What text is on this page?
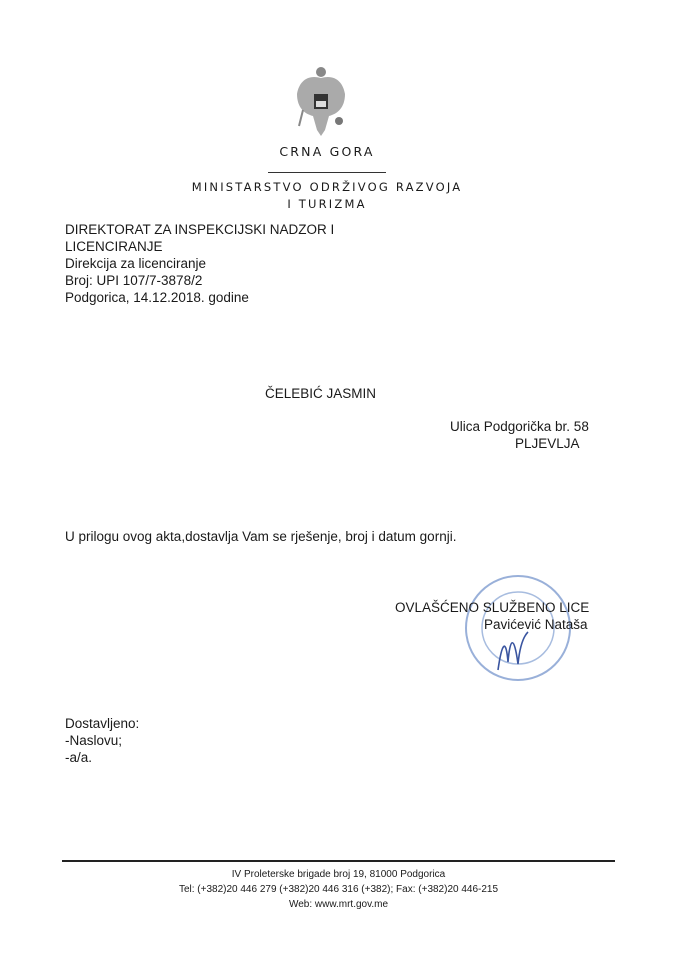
CRNA GORA
MINISTARSTVO ODRŽIVOG RAZVOJA
I TURIZMA
DIREKTORAT ZA INSPEKCIJSKI NADZOR I
LICENCIRANJE
Direkcija za licenciranje
Broj: UPI 107/7-3878/2
Podgorica, 14.12.2018. godine
ČELEBIĆ JASMIN
Ulica Podgorička br. 58
PLJEVLJA
U prilogu ovog akta,dostavlja Vam se rješenje, broj i datum gornji.
OVLAŠĆENO SLUŽBENO LICE
Pavićević Nataša
Dostavljeno:
-Naslovu;
-a/a.
IV Proleterske brigade broj 19, 81000 Podgorica
Tel: (+382)20 446 279 (+382)20 446 316 (+382); Fax: (+382)20 446-215
Web: www.mrt.gov.me
